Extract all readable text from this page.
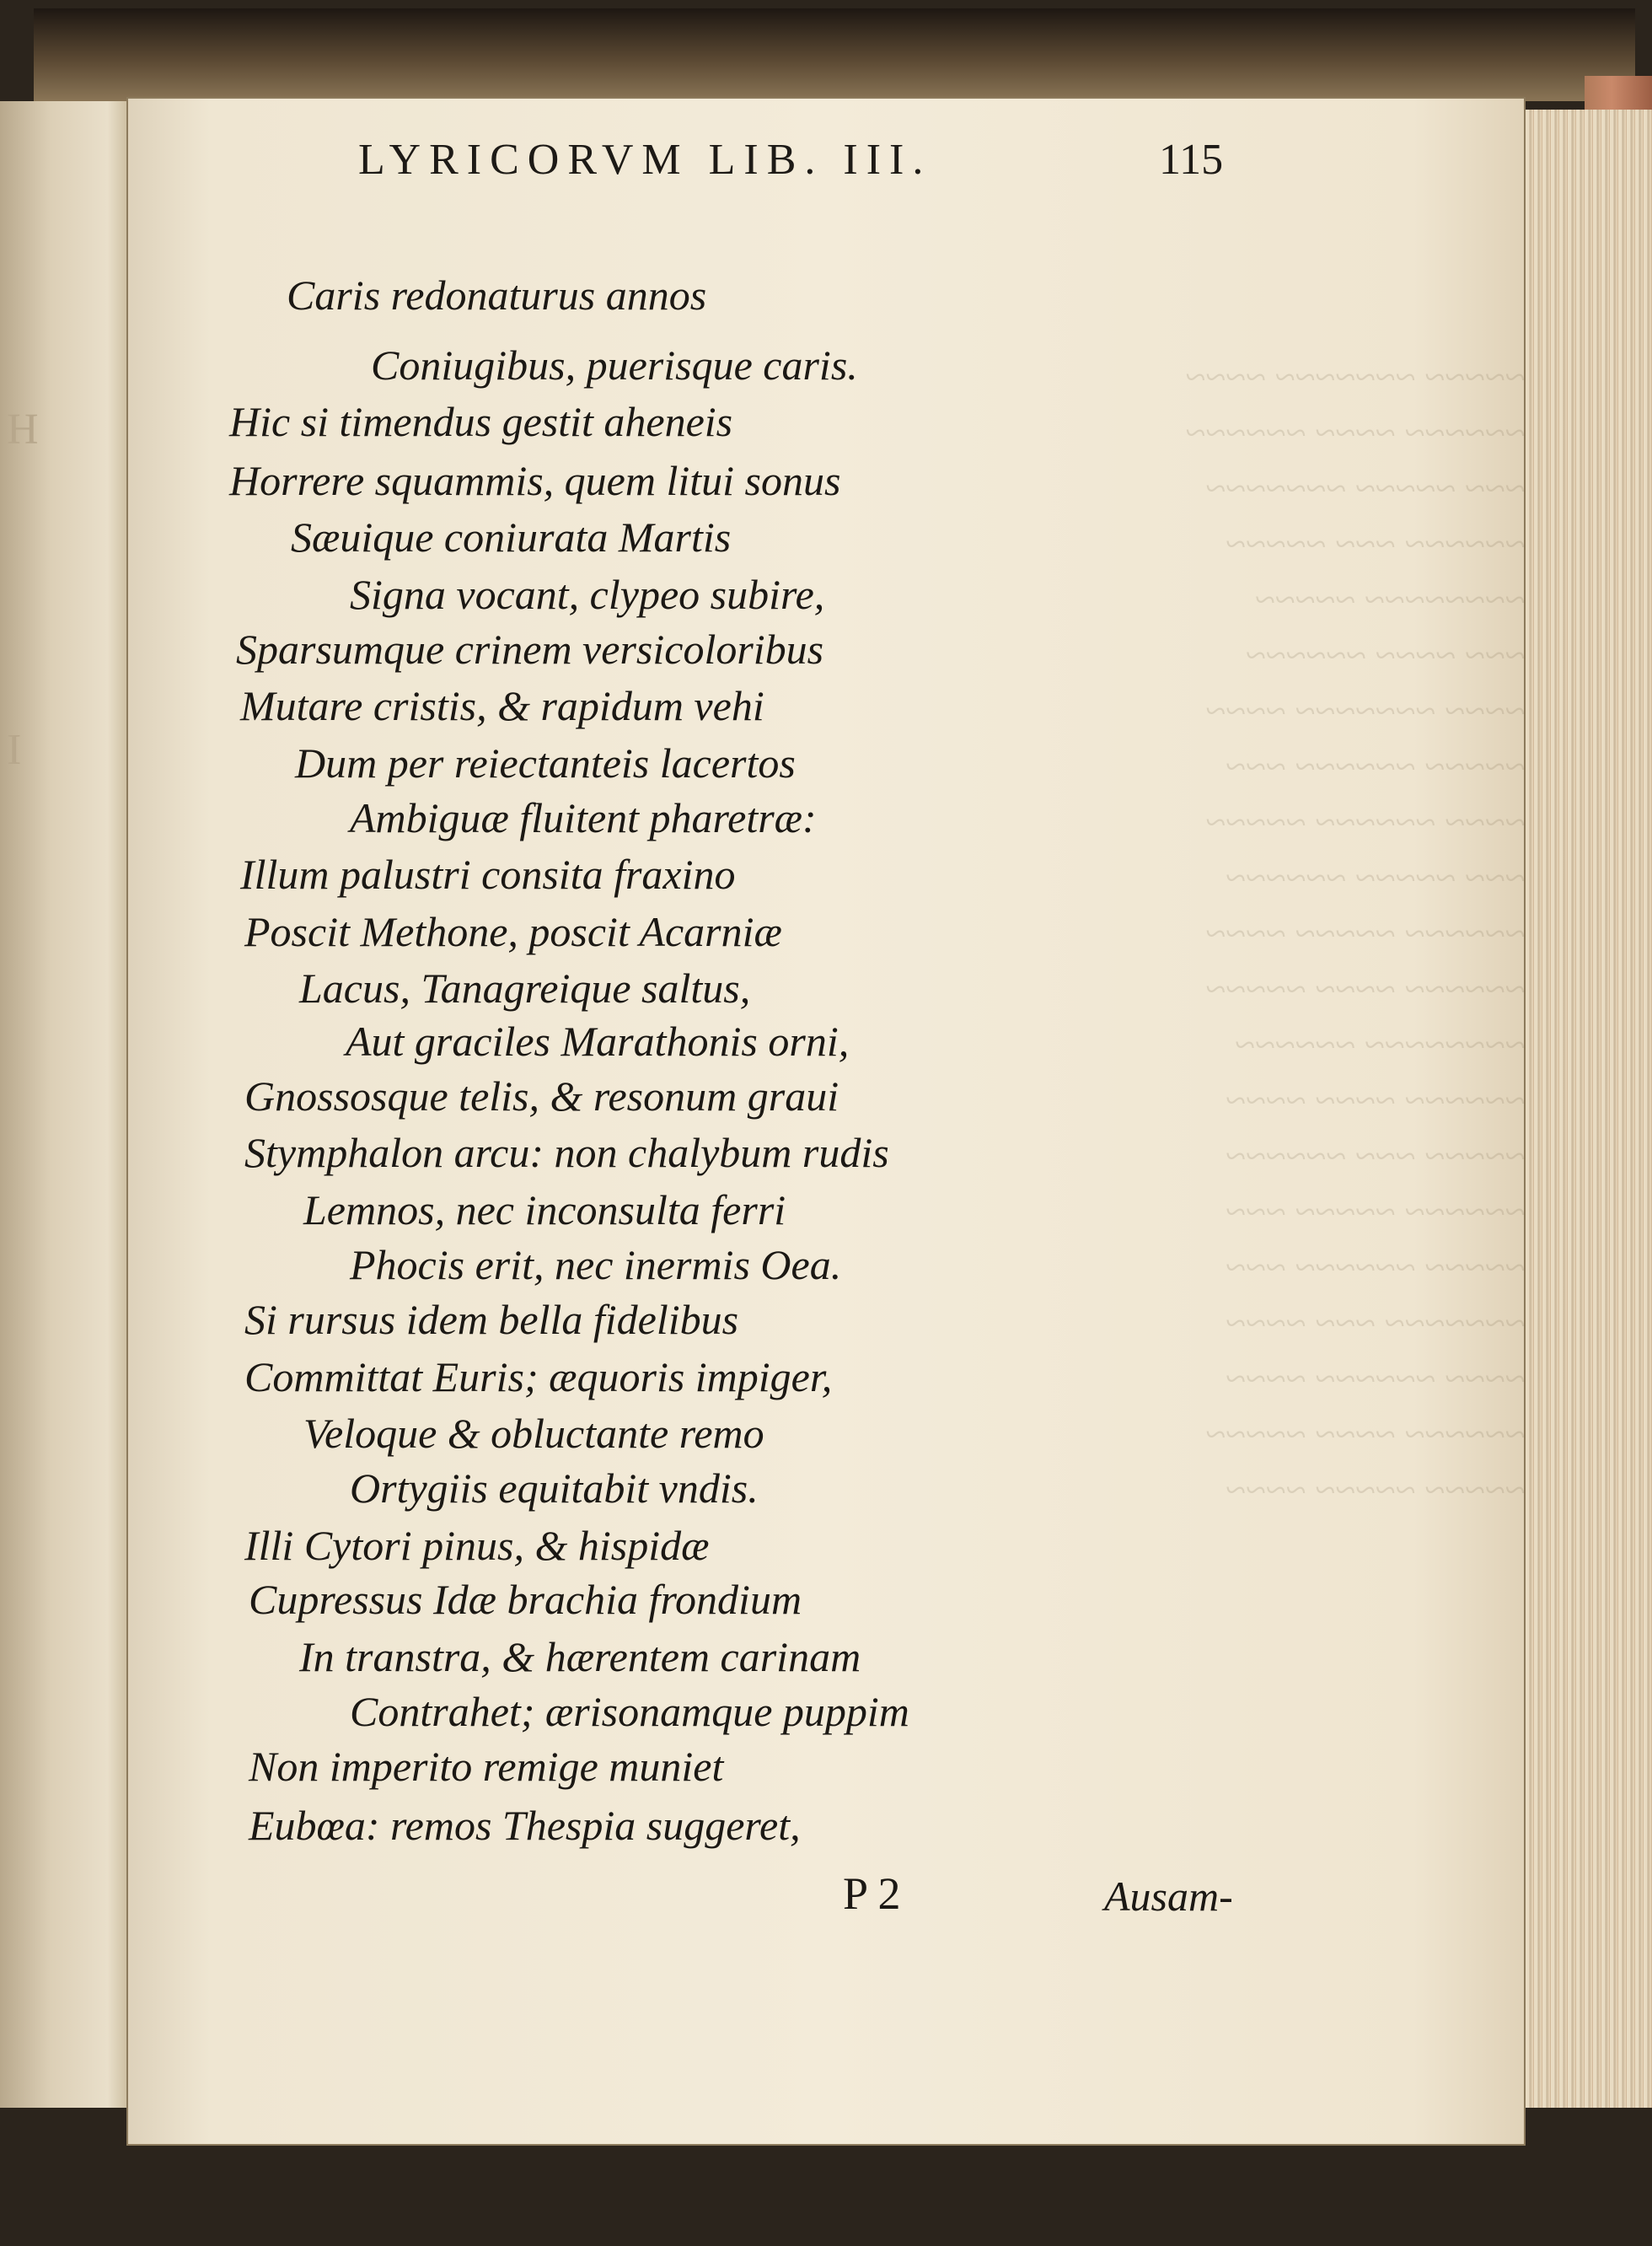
H
I
~~~~~ ~~~~~~~ ~~~~
~~~~~~ ~~~~ ~~~~~~
~~~ ~~~~~ ~~~~~~~
~~~~~~ ~~~ ~~~~~
~~~~~~~~ ~~~~~
~~~ ~~~~ ~~~~~~
~~~~ ~~~~~~~ ~~~~
~~~~~ ~~~~~~ ~~~
~~~~ ~~~~~~ ~~~~~
~~~ ~~~~~ ~~~~~~
~~~~~~ ~~~~~ ~~~~
~~~~~~ ~~~~ ~~~~~
~~~~~~~~ ~~~~~~
~~~~~~ ~~~~ ~~~~
~~~~~ ~~~ ~~~~~~
~~~~~~ ~~~~~ ~~~
~~~~~ ~~~~~~ ~~~
~~~~~~~ ~~~ ~~~~
~~~~ ~~~~~~ ~~~~
~~~~~~ ~~~~ ~~~~~
~~~~~ ~~~~~ ~~~~
LYRICORVM LIB. III.	115
Caris redonaturus annos
Coniugibus, puerisque caris.
Hic si timendus gestit aheneis
Horrere squammis, quem litui sonus
Sæuique coniurata Martis
Signa vocant, clypeo subire,
Sparsumque crinem versicoloribus
Mutare cristis, & rapidum vehi
Dum per reiectanteis lacertos
Ambiguæ fluitent pharetræ:
Illum palustri consita fraxino
Poscit Methone, poscit Acarniæ
Lacus, Tanagreique saltus,
Aut graciles Marathonis orni,
Gnossosque telis, & resonum graui
Stymphalon arcu: non chalybum rudis
Lemnos, nec inconsulta ferri
Phocis erit, nec inermis Oea.
Si rursus idem bella fidelibus
Committat Euris; æquoris impiger,
Veloque & obluctante remo
Ortygiis equitabit vndis.
Illi Cytori pinus, & hispidæ
Cupressus Idæ brachia frondium
In transtra, & hærentem carinam
Contrahet; ærisonamque puppim
Non imperito remige muniet
Eubœa: remos Thespia suggeret,
P 2	Ausam-
